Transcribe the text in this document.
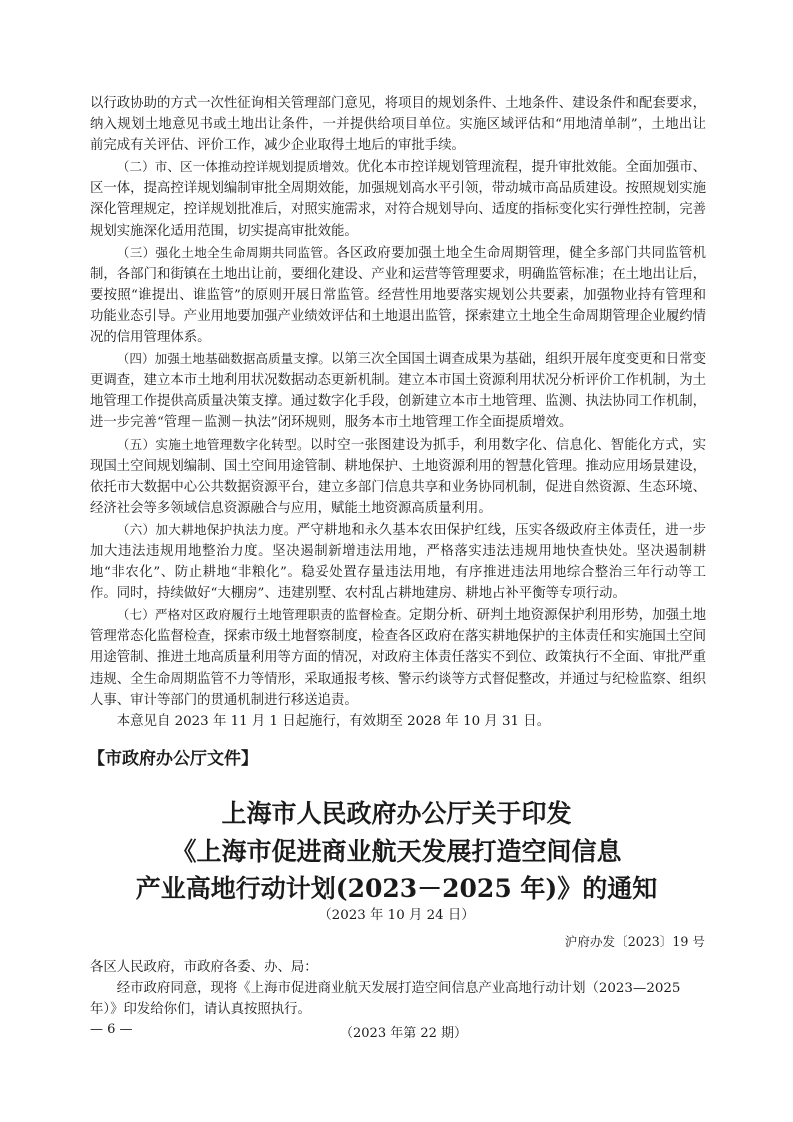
以行政协助的方式一次性征询相关管理部门意见，将项目的规划条件、土地条件、建设条件和配套要求，纳入规划土地意见书或土地出让条件，一并提供给项目单位。实施区域评估和“用地清单制”，土地出让前完成有关评估、评价工作，减少企业取得土地后的审批手续。

（二）市、区一体推动控详规划提质增效。优化本市控详规划管理流程，提升审批效能。全面加强市、区一体，提高控详规划编制审批全周期效能，加强规划高水平引领，带动城市高品质建设。按照规划实施深化管理规定，控详规划批准后，对照实施需求，对符合规划导向、适度的指标变化实行弹性控制，完善规划实施深化适用范围，切实提高审批效能。

（三）强化土地全生命周期共同监管。各区政府要加强土地全生命周期管理，健全多部门共同监管机制，各部门和街镇在土地出让前，要细化建设、产业和运营等管理要求，明确监管标准；在土地出让后，要按照“谁提出、谁监管”的原则开展日常监管。经营性用地要落实规划公共要素，加强物业持有管理和功能业态引导。产业用地要加强产业绩效评估和土地退出监管，探索建立土地全生命周期管理企业履约情况的信用管理体系。

（四）加强土地基础数据高质量支撑。以第三次全国国土调查成果为基础，组织开展年度变更和日常变更调查，建立本市土地利用状况数据动态更新机制。建立本市国土资源利用状况分析评价工作机制，为土地管理工作提供高质量决策支撑。通过数字化手段，创新建立本市土地管理、监测、执法协同工作机制，进一步完善“管理－监测－执法”闭环规则，服务本市土地管理工作全面提质增效。

（五）实施土地管理数字化转型。以时空一张图建设为抓手，利用数字化、信息化、智能化方式，实现国土空间规划编制、国土空间用途管制、耕地保护、土地资源利用的智慧化管理。推动应用场景建设，依托市大数据中心公共数据资源平台，建立多部门信息共享和业务协同机制，促进自然资源、生态环境、经济社会等多领域信息资源融合与应用，赋能土地资源高质量利用。

（六）加大耕地保护执法力度。严守耕地和永久基本农田保护红线，压实各级政府主体责任，进一步加大违法违规用地整治力度。坚决遏制新增违法用地，严格落实违法违规用地快查快处。坚决遏制耕地“非农化”、防止耕地“非粮化”。稳妥处置存量违法用地，有序推进违法用地综合整治三年行动等工作。同时，持续做好“大棚房”、违建别墅、农村乱占耕地建房、耕地占补平衡等专项行动。

（七）严格对区政府履行土地管理职责的监督检查。定期分析、研判土地资源保护利用形势，加强土地管理常态化监督检查，探索市级土地督察制度，检查各区政府在落实耕地保护的主体责任和实施国土空间用途管制、推进土地高质量利用等方面的情况，对政府主体责任落实不到位、政策执行不全面、审批严重违规、全生命周期监管不力等情形，采取通报考核、警示约谈等方式督促整改，并通过与纪检监察、组织人事、审计等部门的贯通机制进行移送追责。

本意见自 2023 年 11 月 1 日起施行，有效期至 2028 年 10 月 31 日。

【市政府办公厅文件】
上海市人民政府办公厅关于印发
《上海市促进商业航天发展打造空间信息
产业高地行动计划(2023－2025 年)》的通知
（2023 年 10 月 24 日）
沪府办发〔2023〕19 号

各区人民政府，市政府各委、办、局：

经市政府同意，现将《上海市促进商业航天发展打造空间信息产业高地行动计划（2023—2025 年）》印发给你们，请认真按照执行。

— 6 —	（2023 年第 22 期）
